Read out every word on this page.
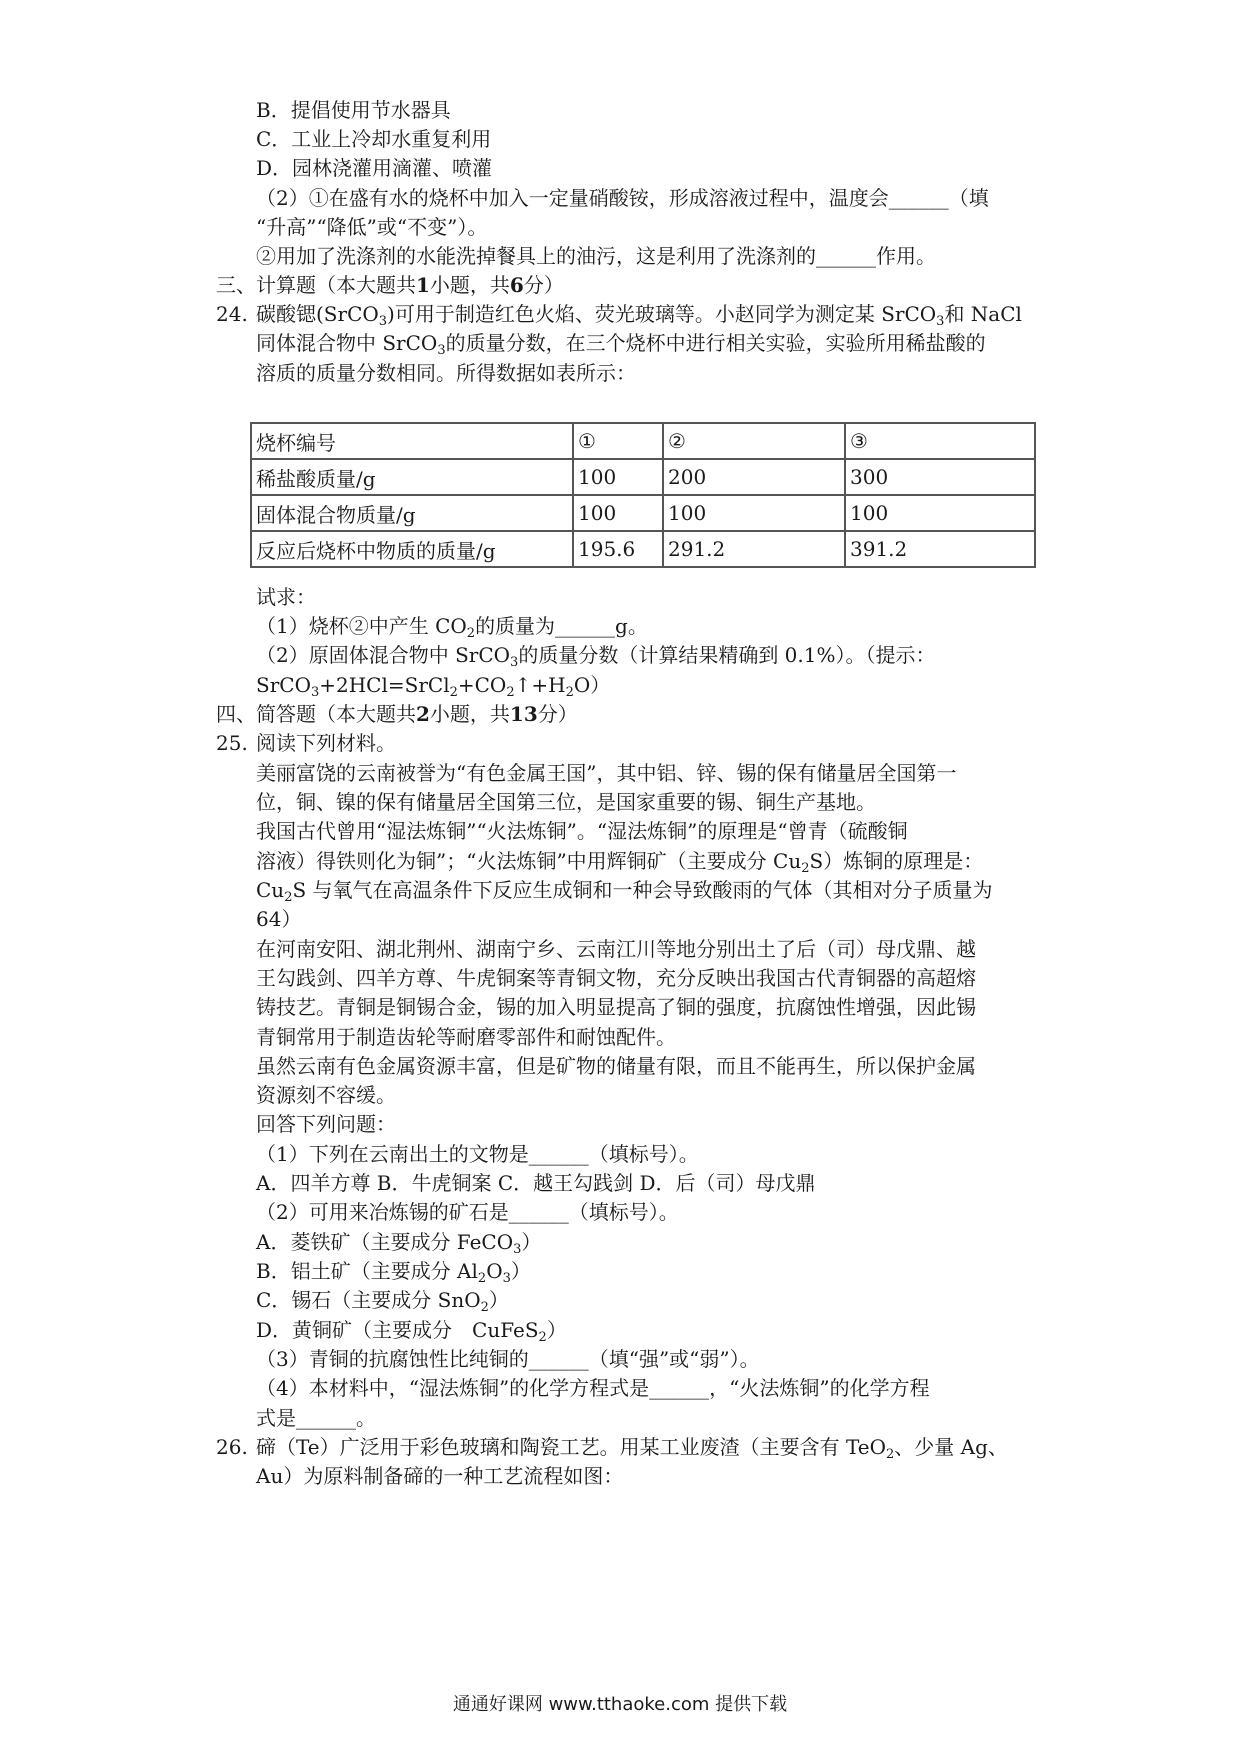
B．提倡使用节水器具
C．工业上冷却水重复利用
D．园林浇灌用滴灌、喷灌
（2）①在盛有水的烧杯中加入一定量硝酸铵，形成溶液过程中，温度会______（填
“升高”“降低”或“不变”）。
②用加了洗涤剂的水能洗掉餐具上的油污，这是利用了洗涤剂的______作用。
三、计算题（本大题共1小题，共6分）
24. 碳酸锶(SrCO$_3$)可用于制造红色火焰、荧光玻璃等。小赵同学为测定某 SrCO$_3$和 NaCl
同体混合物中 SrCO$_3$的质量分数，在三个烧杯中进行相关实验，实验所用稀盐酸的
溶质的质量分数相同。所得数据如表所示：
烧杯编号	①	②	③
稀盐酸质量/g	100	200	300
固体混合物质量/g	100	100	100
反应后烧杯中物质的质量/g	195.6	291.2	391.2
试求：
（1）烧杯②中产生 $CO_2$的质量为______g。
（2）原固体混合物中 SrCO$_3$的质量分数（计算结果精确到 0.1%）。（提示：
$SrCO_3+2HCl=SrCl_2+CO_2↑+H_2O$）
四、简答题（本大题共2小题，共13分）
25. 阅读下列材料。
美丽富饶的云南被誉为“有色金属王国”，其中铝、锌、锡的保有储量居全国第一
位，铜、镍的保有储量居全国第三位，是国家重要的锡、铜生产基地。
我国古代曾用“湿法炼铜”“火法炼铜”。“湿法炼铜”的原理是“曾青（硫酸铜
溶液）得铁则化为铜”；“火法炼铜”中用辉铜矿（主要成分 $Cu_2S$）炼铜的原理是：
$Cu_2S$ 与氧气在高温条件下反应生成铜和一种会导致酸雨的气体（其相对分子质量为
64）
在河南安阳、湖北荆州、湖南宁乡、云南江川等地分别出土了后（司）母戊鼎、越
王勾践剑、四羊方尊、牛虎铜案等青铜文物，充分反映出我国古代青铜器的高超熔
铸技艺。青铜是铜锡合金，锡的加入明显提高了铜的强度，抗腐蚀性增强，因此锡
青铜常用于制造齿轮等耐磨零部件和耐蚀配件。
虽然云南有色金属资源丰富，但是矿物的储量有限，而且不能再生，所以保护金属
资源刻不容缓。
回答下列问题：
（1）下列在云南出土的文物是______（填标号）。
A．四羊方尊 B．牛虎铜案 C．越王勾践剑 D．后（司）母戊鼎
（2）可用来冶炼锡的矿石是______（填标号）。
A．菱铁矿（主要成分 FeCO$_3$）
B．铝土矿（主要成分 $Al_2O_3$）
C．锡石（主要成分 SnO$_2$）
D．黄铜矿（主要成分　CuFeS$_2$）
（3）青铜的抗腐蚀性比纯铜的______（填“强”或“弱”）。
（4）本材料中，“湿法炼铜”的化学方程式是______，“火法炼铜”的化学方程
式是______。
26. 碲（Te）广泛用于彩色玻璃和陶瓷工艺。用某工业废渣（主要含有 TeO$_2$、少量 Ag、
Au）为原料制备碲的一种工艺流程如图：
通通好课网 www.tthaoke.com 提供下载
